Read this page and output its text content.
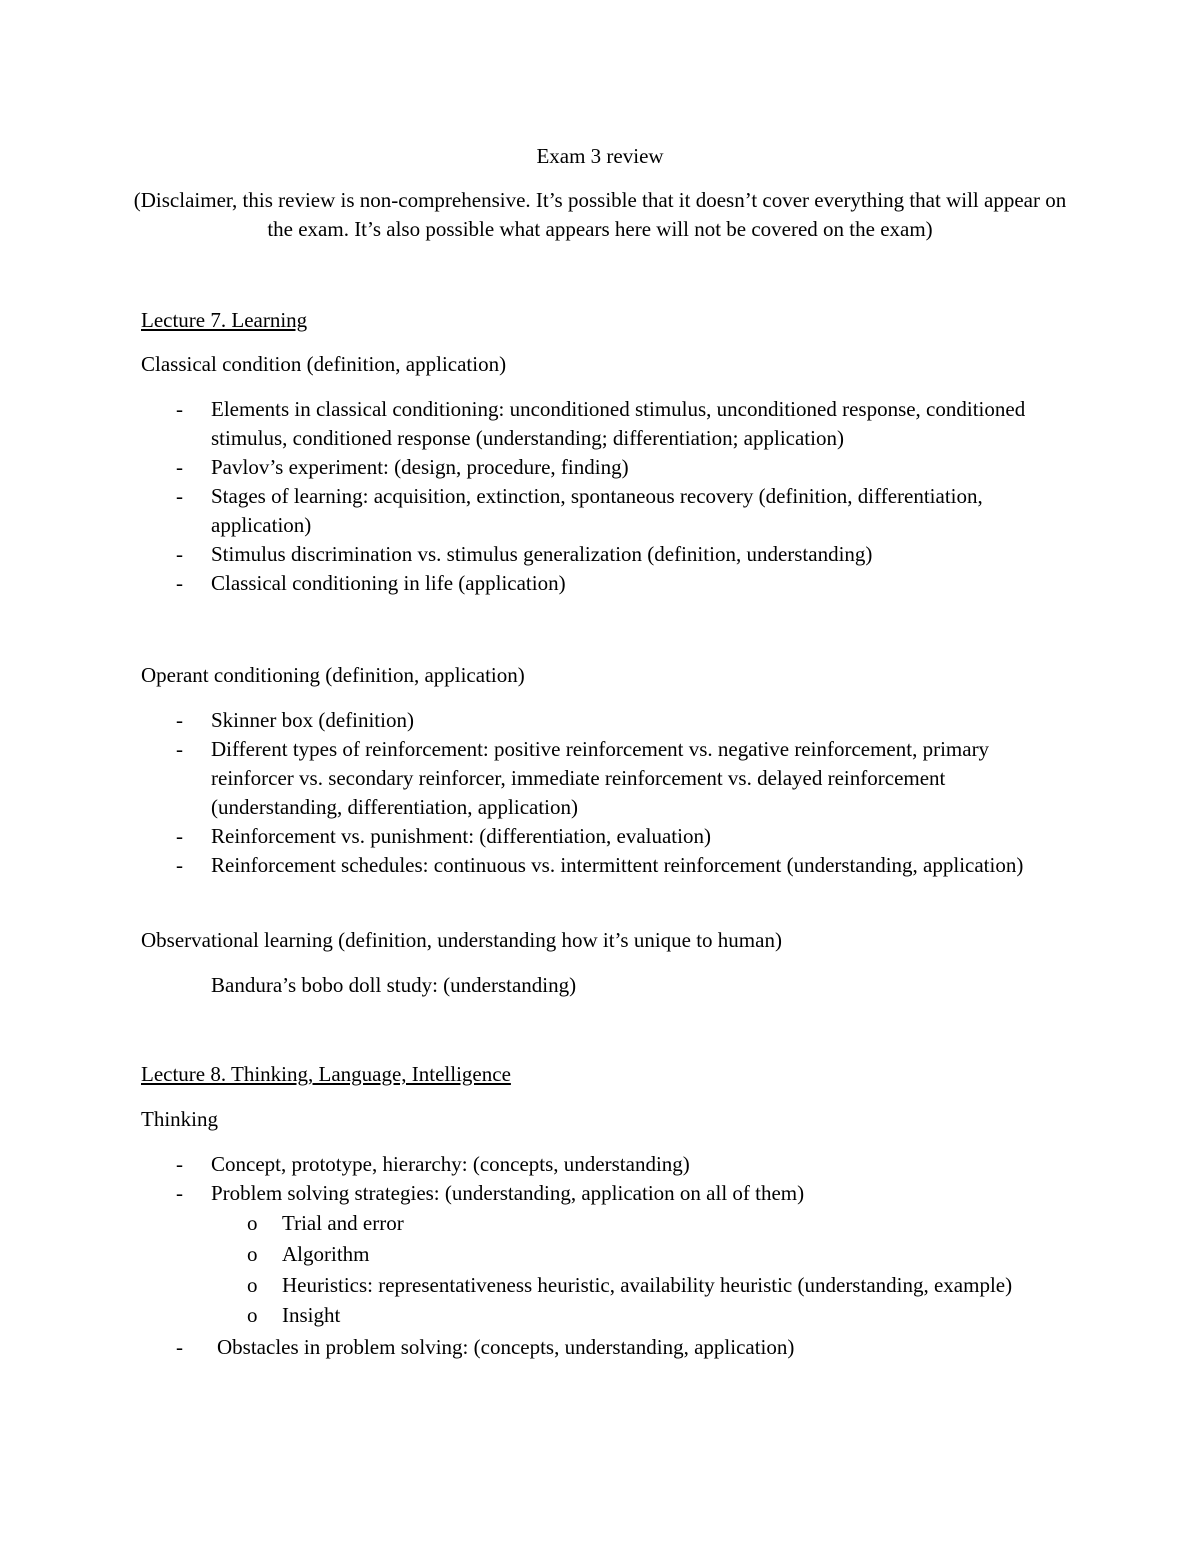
Exam 3 review
(Disclaimer, this review is non-comprehensive. It’s possible that it doesn’t cover everything that will appear on the exam. It’s also possible what appears here will not be covered on the exam)
Lecture 7. Learning
Classical condition (definition, application)
- Elements in classical conditioning: unconditioned stimulus, unconditioned response, conditioned stimulus, conditioned response (understanding; differentiation; application)
- Pavlov’s experiment: (design, procedure, finding)
- Stages of learning: acquisition, extinction, spontaneous recovery (definition, differentiation, application)
- Stimulus discrimination vs. stimulus generalization (definition, understanding)
- Classical conditioning in life (application)
Operant conditioning (definition, application)
- Skinner box (definition)
- Different types of reinforcement: positive reinforcement vs. negative reinforcement, primary reinforcer vs. secondary reinforcer, immediate reinforcement vs. delayed reinforcement (understanding, differentiation, application)
- Reinforcement vs. punishment: (differentiation, evaluation)
- Reinforcement schedules: continuous vs. intermittent reinforcement (understanding, application)
Observational learning (definition, understanding how it’s unique to human)
Bandura’s bobo doll study: (understanding)
Lecture 8. Thinking, Language, Intelligence
Thinking
- Concept, prototype, hierarchy: (concepts, understanding)
- Problem solving strategies: (understanding, application on all of them)
o Trial and error
o Algorithm
o Heuristics: representativeness heuristic, availability heuristic (understanding, example)
o Insight
- Obstacles in problem solving: (concepts, understanding, application)
